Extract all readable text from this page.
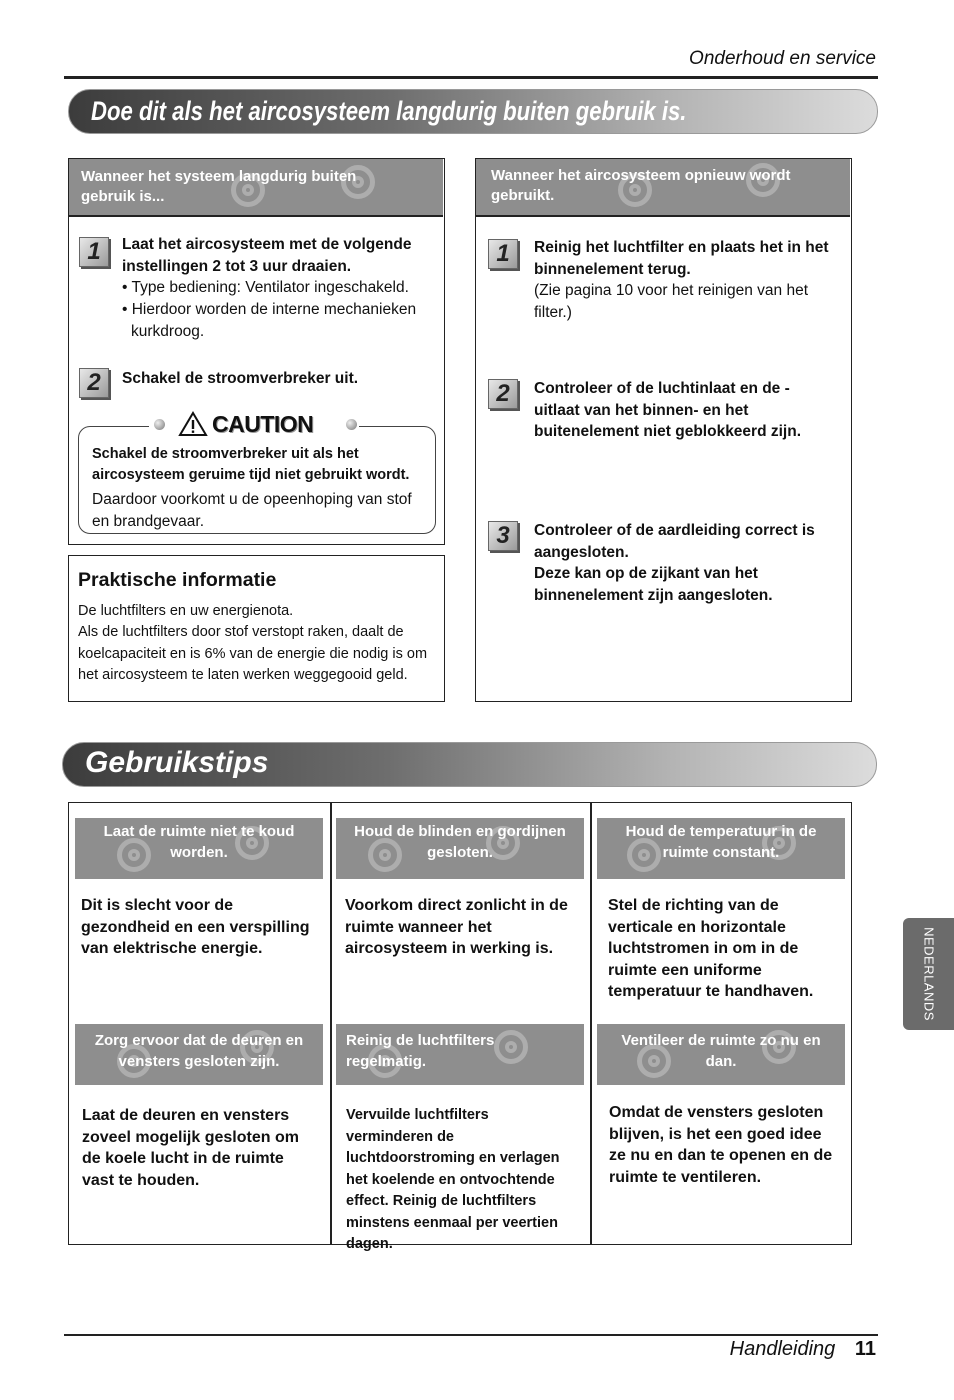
Onderhoud en service
Doe dit als het aircosysteem langdurig buiten gebruik is.
Wanneer het systeem langdurig buiten gebruik is...
1	Laat het aircosysteem met de volgende instellingen 2 tot 3 uur draaien.
• Type bediening: Ventilator ingeschakeld.
• Hierdoor worden de interne mechanieken kurkdroog.
2	Schakel de stroomverbreker uit.
CAUTION
Schakel de stroomverbreker uit als het aircosysteem geruime tijd niet gebruikt wordt.
Daardoor voorkomt u de opeenhoping van stof en brandgevaar.
Praktische informatie
De luchtfilters en uw energienota.
Als de luchtfilters door stof verstopt raken, daalt de koelcapaciteit en is 6% van de energie die nodig is om het aircosysteem te laten werken weggegooid geld.
Wanneer het aircosysteem opnieuw wordt gebruikt.
1	Reinig het luchtfilter en plaats het in het binnenelement terug.
(Zie pagina 10 voor het reinigen van het filter.)
2	Controleer of de luchtinlaat en de -uitlaat van het binnen- en het buitenelement niet geblokkeerd zijn.
3	Controleer of de aardleiding correct is aangesloten.
Deze kan op de zijkant van het binnenelement zijn aangesloten.
Gebruikstips
Laat de ruimte niet te koud worden.
Houd de blinden en gordijnen gesloten.
Houd de temperatuur in de ruimte constant.
Dit is slecht voor de gezondheid en een verspilling van elektrische energie.
Voorkom direct zonlicht in de ruimte wanneer het aircosysteem in werking is.
Stel de richting van de verticale en horizontale luchtstromen in om in de ruimte een uniforme temperatuur te handhaven.
Zorg ervoor dat de deuren en vensters gesloten zijn.
Reinig de luchtfilters regelmatig.
Ventileer de ruimte zo nu en dan.
Laat de deuren en vensters zoveel mogelijk gesloten om de koele lucht in de ruimte vast te houden.
Vervuilde luchtfilters verminderen de luchtdoorstroming en verlagen het koelende en ontvochtende effect. Reinig de luchtfilters minstens eenmaal per veertien dagen.
Omdat de vensters gesloten blijven, is het een goed idee ze nu en dan te openen en de ruimte te ventileren.
NEDERLANDS
Handleiding 11
